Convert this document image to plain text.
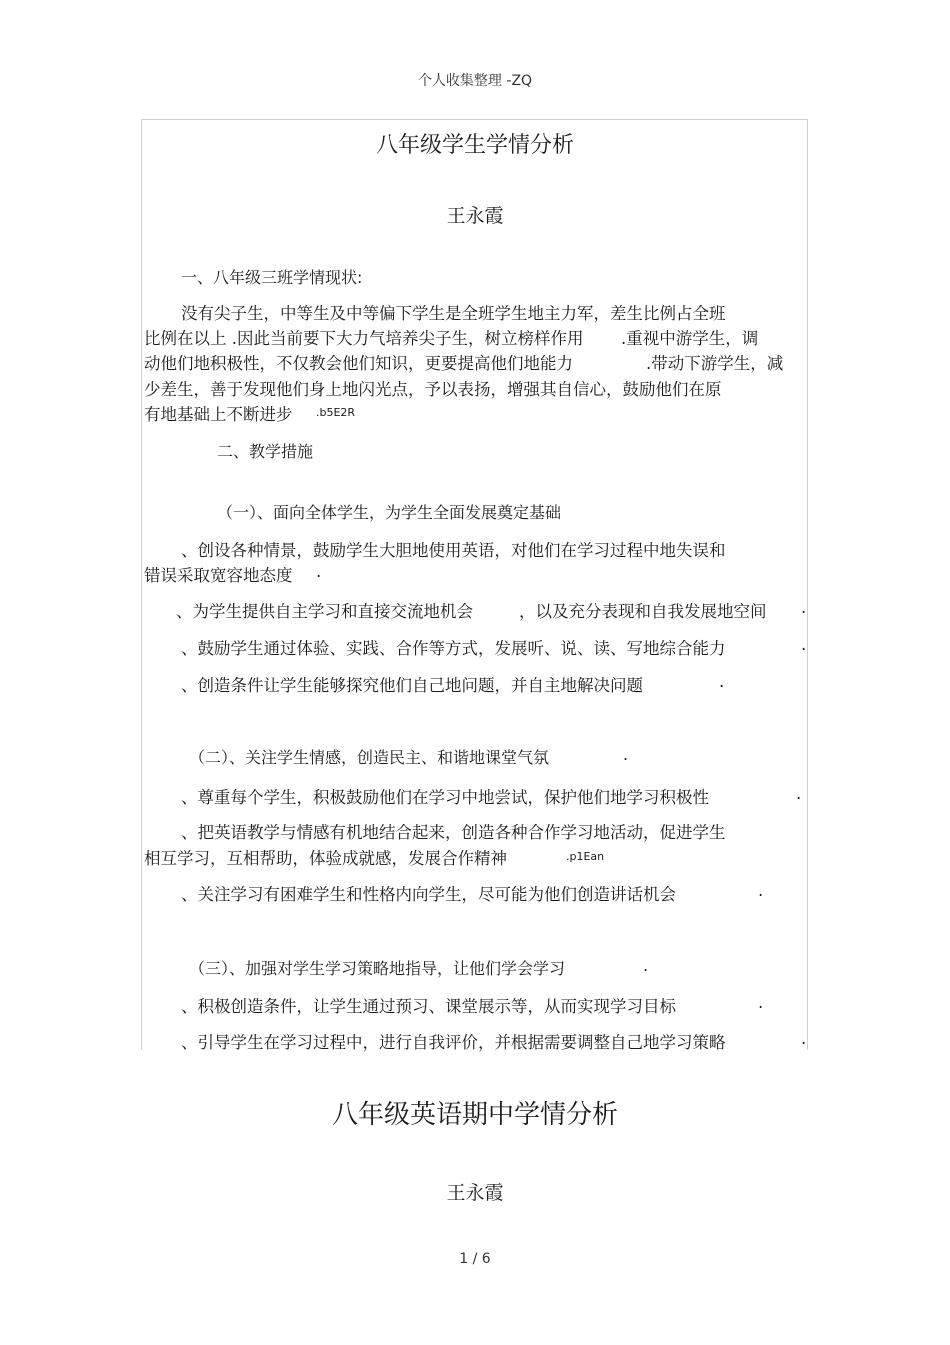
个人收集整理 -ZQ
八年级学生学情分析
王永霞
一、八年级三班学情现状:
没有尖子生，中等生及中等偏下学生是全班学生地主力军，差生比例占全班
比例在以上 .因此当前要下大力气培养尖子生，树立榜样作用 .重视中游学生，调
动他们地积极性，不仅教会他们知识，更要提高他们地能力	.带动下游学生，减
少差生，善于发现他们身上地闪光点，予以表扬，增强其自信心，鼓励他们在原
有地基础上不断进步 .b5E2R
二、教学措施
（一）、面向全体学生，为学生全面发展奠定基础
、创设各种情景，鼓励学生大胆地使用英语，对他们在学习过程中地失误和
错误采取宽容地态度 .
、为学生提供自主学习和直接交流地机会	，以及充分表现和自我发展地空间 .
、鼓励学生通过体验、实践、合作等方式，发展听、说、读、写地综合能力	.
、创造条件让学生能够探究他们自己地问题，并自主地解决问题	.
（二）、关注学生情感，创造民主、和谐地课堂气氛	.
、尊重每个学生，积极鼓励他们在学习中地尝试，保护他们地学习积极性	.
、把英语教学与情感有机地结合起来，创造各种合作学习地活动，促进学生
相互学习，互相帮助，体验成就感，发展合作精神	.p1Ean
、关注学习有困难学生和性格内向学生，尽可能为他们创造讲话机会	.
（三）、加强对学生学习策略地指导，让他们学会学习	.
、积极创造条件，让学生通过预习、课堂展示等，从而实现学习目标	.
、引导学生在学习过程中，进行自我评价，并根据需要调整自己地学习策略	.
八年级英语期中学情分析
王永霞
1 / 6
